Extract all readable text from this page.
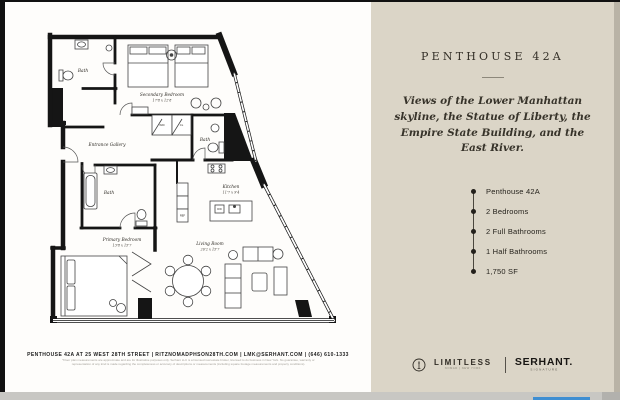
Bath
Secondary Bedroom
17'8 x 12'8
Entrance Gallery
Bath
Bath
Primary Bedroom
13'8 x 15'7
Kitchen
11'7 x 9'4
Living Room
26'2 x 15'7
W/D	CL
REF
DW
PENTHOUSE 42A AT 25 WEST 28TH STREET | RITZNOMADPHSON28TH.COM | LMK@SERHANT.COM | (646) 610-1333
*Floor plan measurements are approximate and are for illustrative purposes only. Serhant LLC is a licensed real estate broker, licensed to do business in New York. No guarantee, warranty or
representation of any kind is made regarding the completeness or accuracy of descriptions or measurements (including square footage measurements and property conditions).
PENTHOUSE 42A

Views of the Lower Manhattan skyline, the Statue of Liberty, the Empire State Building, and the East River.

Penthouse 42A
2 Bedrooms
2 Full Bathrooms
1 Half Bathrooms
1,750 SF
LIMITLESS
NOMAD | NEW YORK
SERHANT.
SIGNATURE
